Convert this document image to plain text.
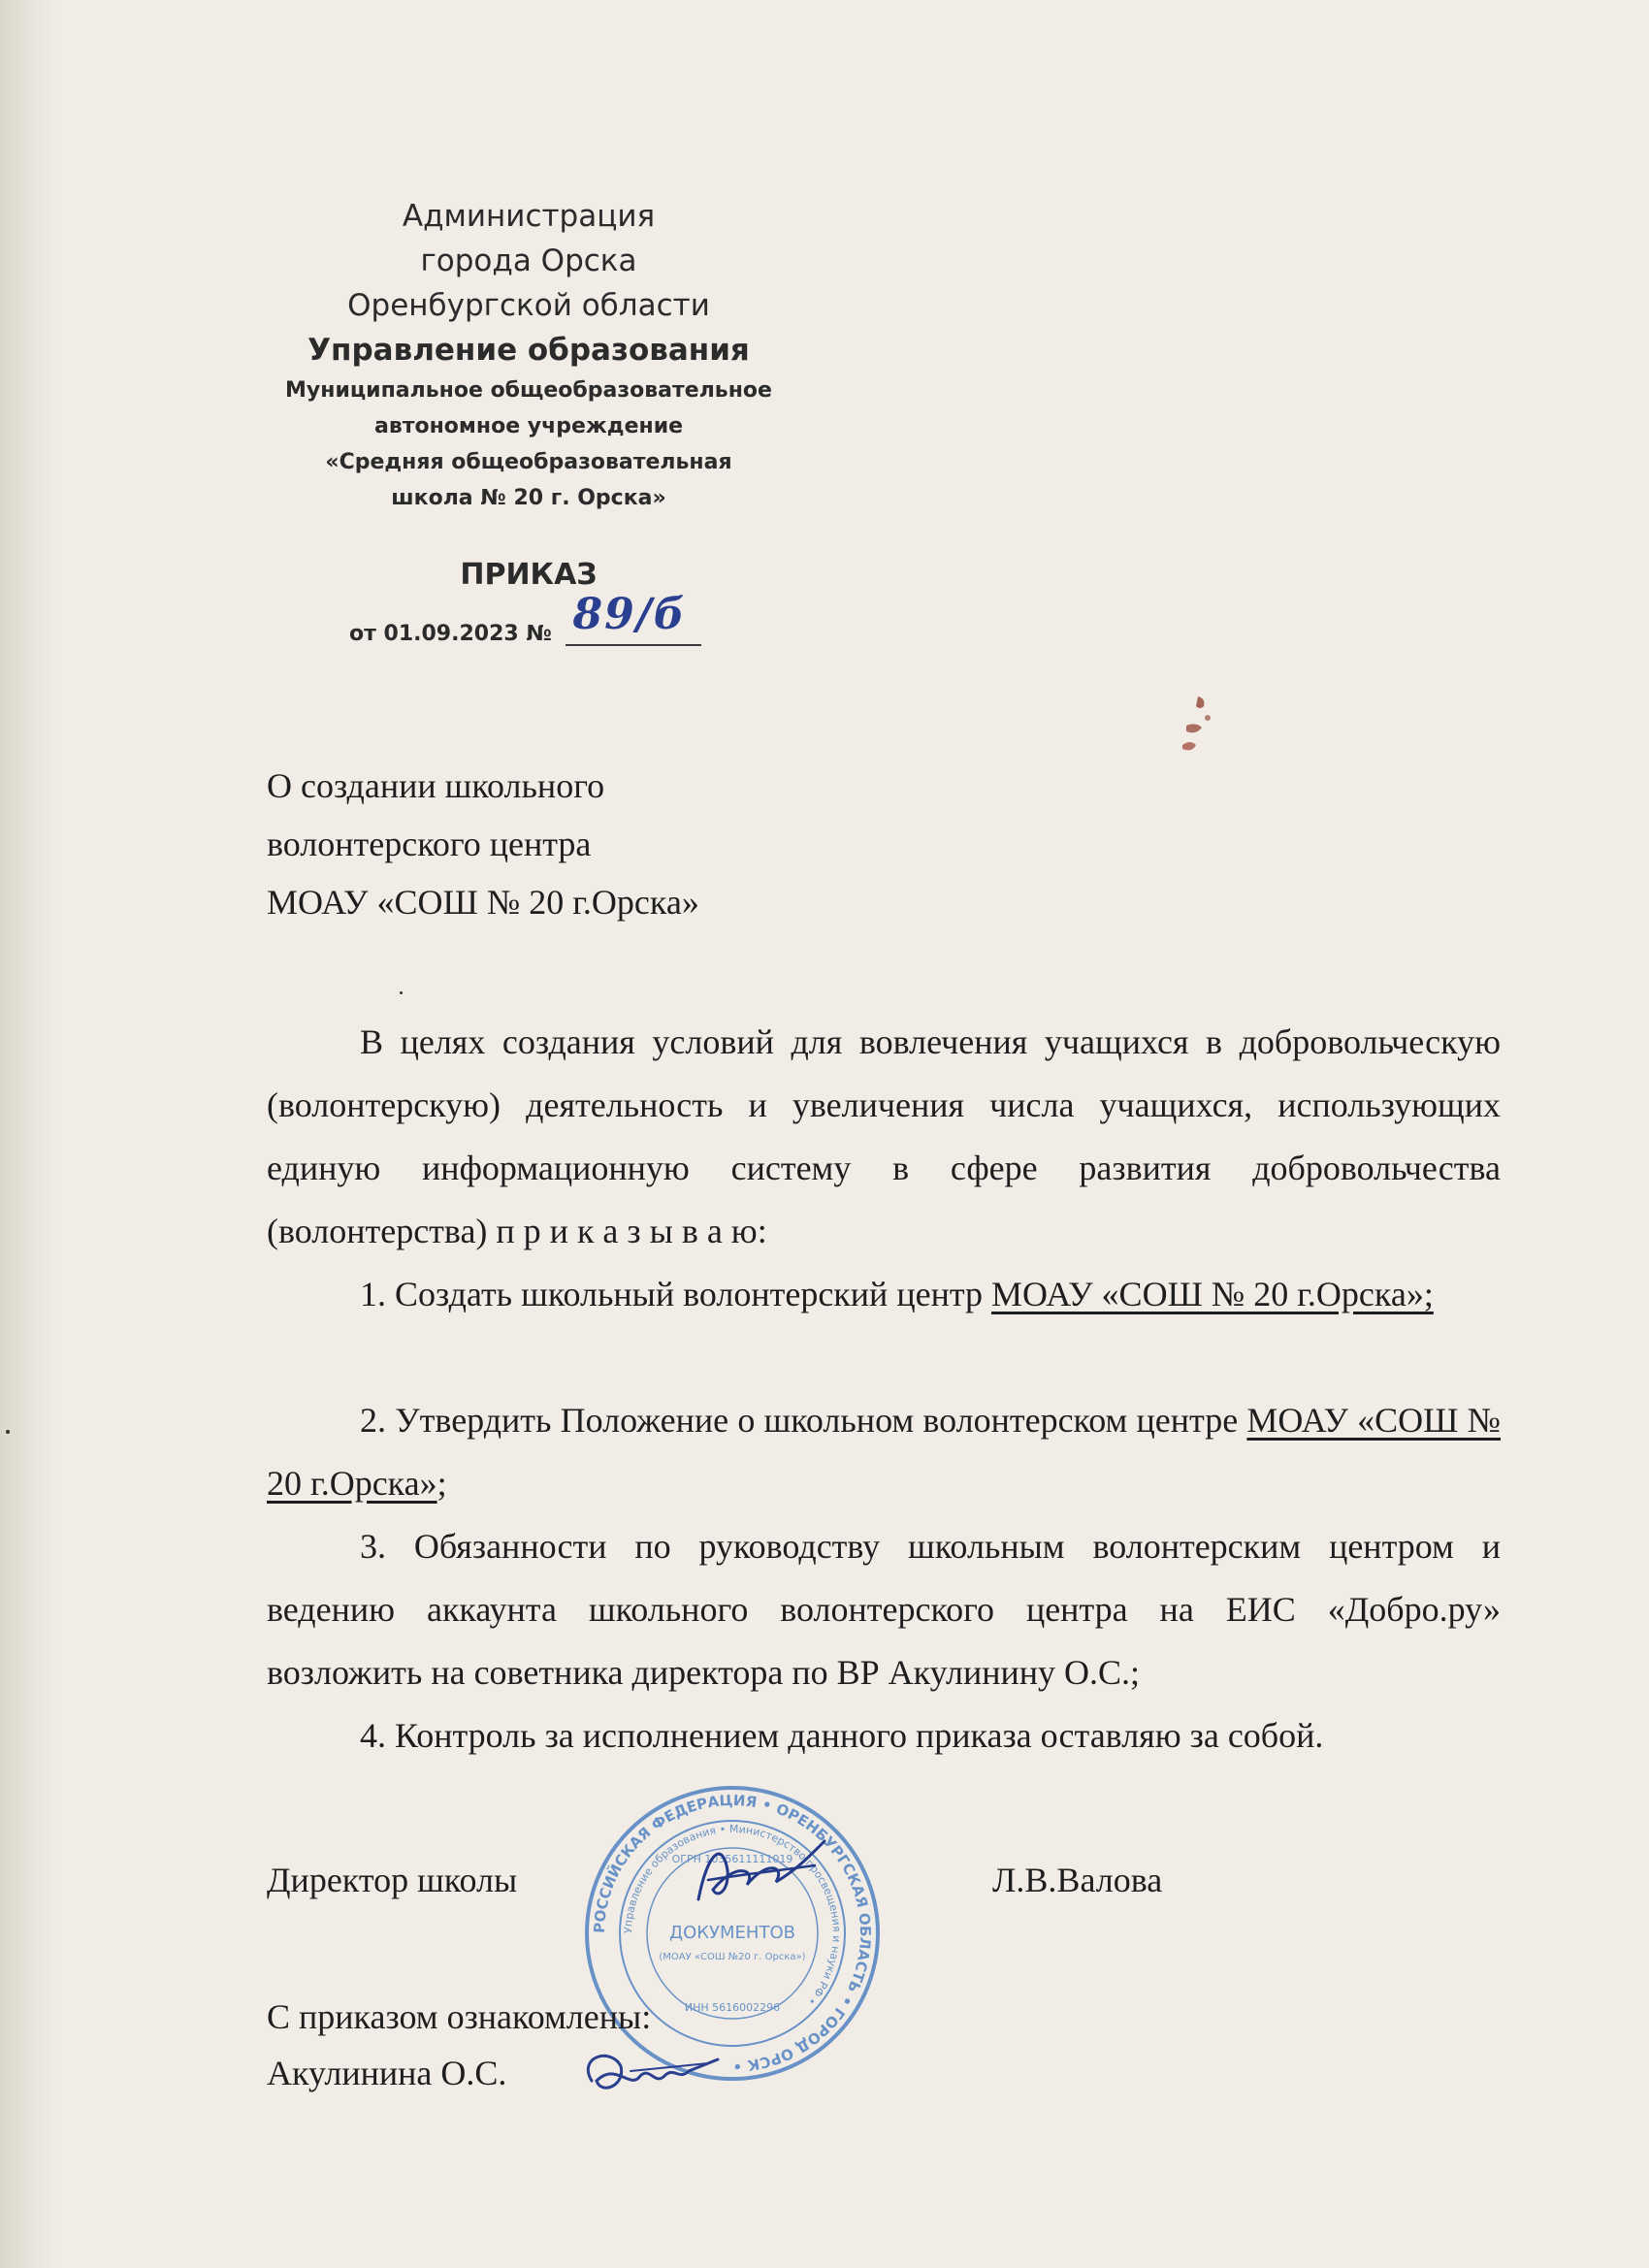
Администрация
города Орска
Оренбургской области
Управление образования
Муниципальное общеобразовательное
автономное учреждение
«Средняя общеобразовательная
школа № 20 г. Орска»
ПРИКАЗ
от 01.09.2023 № 89/б
О создании школьного
волонтерского центра
МОАУ «СОШ № 20 г.Орска»

В целях создания условий для вовлечения учащихся в добровольческую (волонтерскую) деятельность и увеличения числа учащихся, использующих единую информационную систему в сфере развития добровольчества (волонтерства) п р и к а з ы в а ю:

1. Создать школьный волонтерский центр МОАУ «СОШ № 20 г.Орска»;

2. Утвердить Положение о школьном волонтерском центре МОАУ «СОШ № 20 г.Орска»;

3. Обязанности по руководству школьным волонтерским центром и ведению аккаунта школьного волонтерского центра на ЕИС «Добро.ру» возложить на советника директора по ВР Акулинину О.С.;

4. Контроль за исполнением данного приказа оставляю за собой.

Директор школы	Л.В.Валова
РОССИЙСКАЯ ФЕДЕРАЦИЯ • ОРЕНБУРГСКАЯ ОБЛАСТЬ • ГОРОД ОРСК •
Управление образования • Министерство просвещения и науки РФ •
ОГРН 1035611111019
ДОКУМЕНТОВ
(МОАУ «СОШ №20 г. Орска»)
ИНН 5616002296
С приказом ознакомлены:
Акулинина О.С.
